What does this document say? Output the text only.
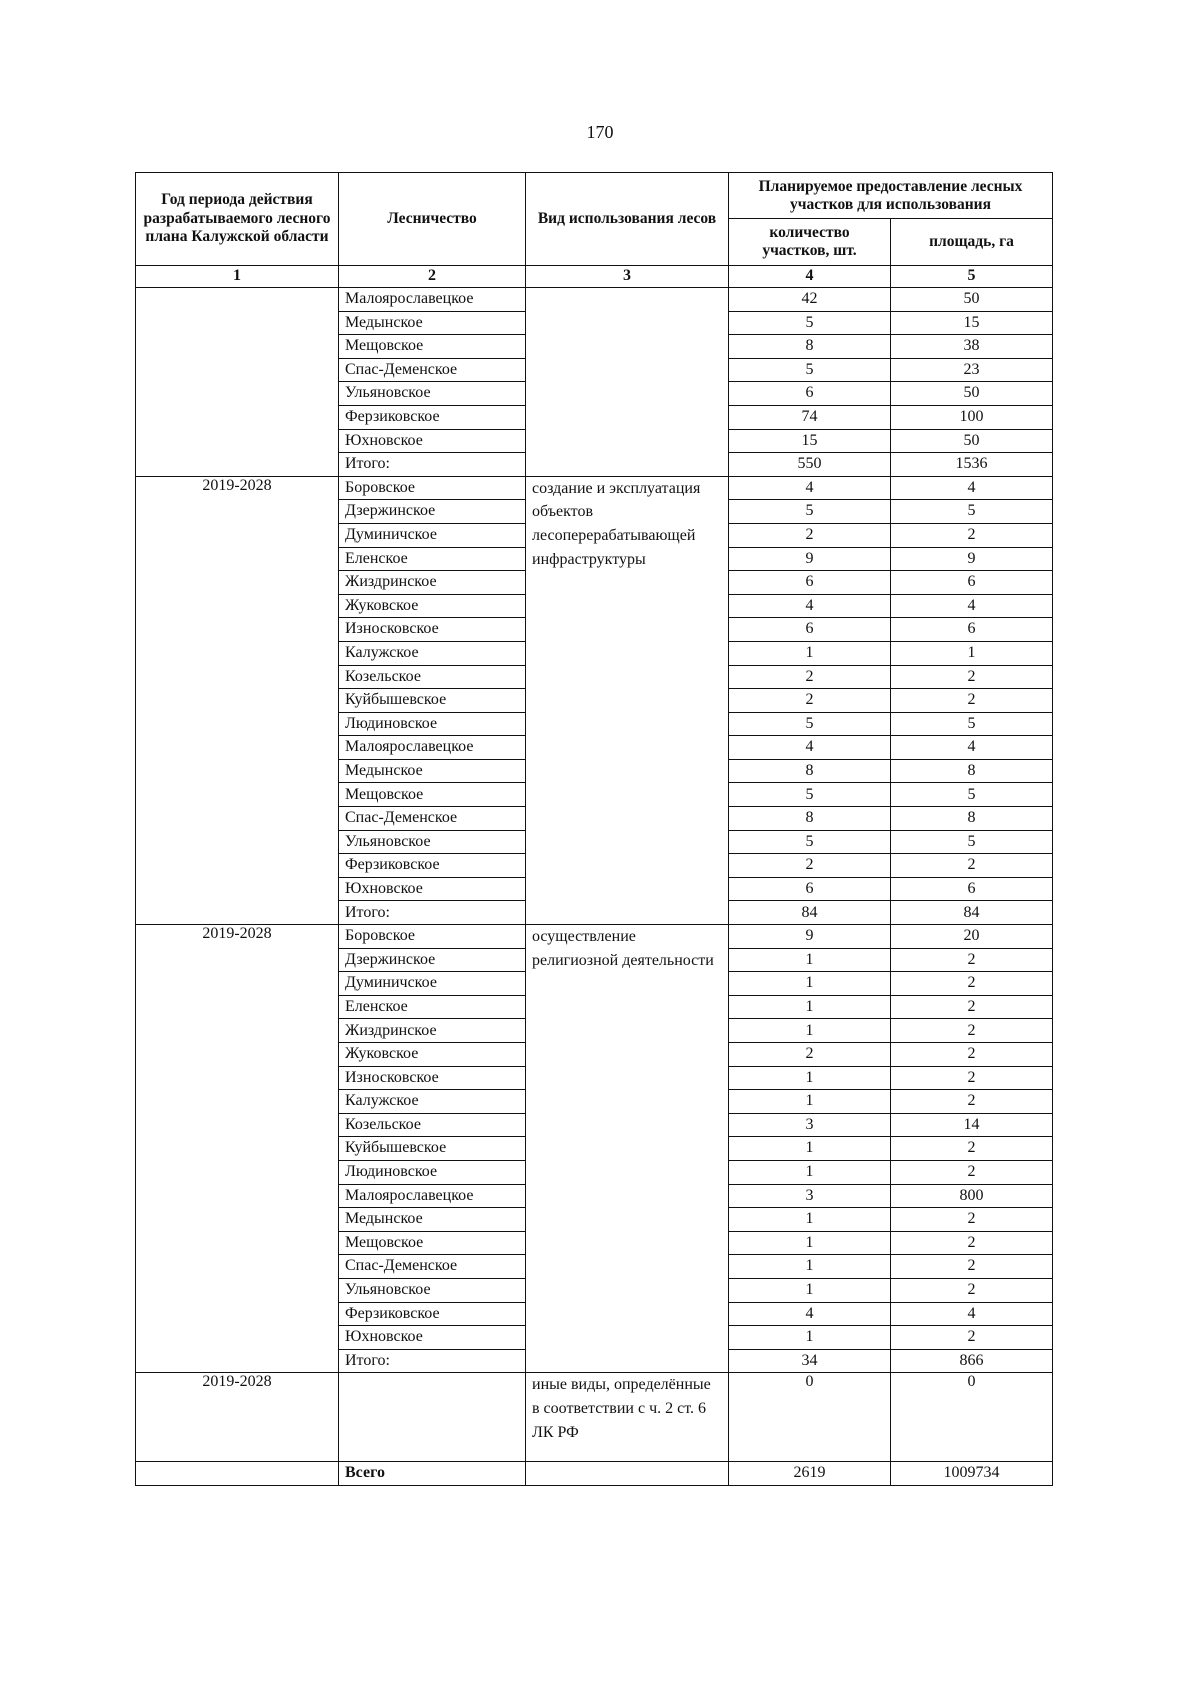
170
Год периода действия разрабатываемого лесного плана Калужской области	Лесничество	Вид использования лесов	Планируемое предоставление лесных участков для использования	
			количество участков, шт.	площадь, га
1	2	3	4	5
	Малоярославецкое		42	50
	Медынское		5	15
	Мещовское		8	38
	Спас-Деменское		5	23
	Ульяновское		6	50
	Ферзиковское		74	100
	Юхновское		15	50
	Итого:		550	1536
2019-2028	Боровское	создание и эксплуатация объектов лесоперерабатывающей инфраструктуры	4	4
	Дзержинское		5	5
	Думиничское		2	2
	Еленское		9	9
	Жиздринское		6	6
	Жуковское		4	4
	Износковское		6	6
	Калужское		1	1
	Козельское		2	2
	Куйбышевское		2	2
	Людиновское		5	5
	Малоярославецкое		4	4
	Медынское		8	8
	Мещовское		5	5
	Спас-Деменское		8	8
	Ульяновское		5	5
	Ферзиковское		2	2
	Юхновское		6	6
	Итого:		84	84
2019-2028	Боровское	осуществление религиозной деятельности	9	20
	Дзержинское		1	2
	Думиничское		1	2
	Еленское		1	2
	Жиздринское		1	2
	Жуковское		2	2
	Износковское		1	2
	Калужское		1	2
	Козельское		3	14
	Куйбышевское		1	2
	Людиновское		1	2
	Малоярославецкое		3	800
	Медынское		1	2
	Мещовское		1	2
	Спас-Деменское		1	2
	Ульяновское		1	2
	Ферзиковское		4	4
	Юхновское		1	2
	Итого:		34	866
2019-2028		иные виды, определённые в соответствии с ч. 2 ст. 6 ЛК РФ	0	0
	Всего		2619	1009734
